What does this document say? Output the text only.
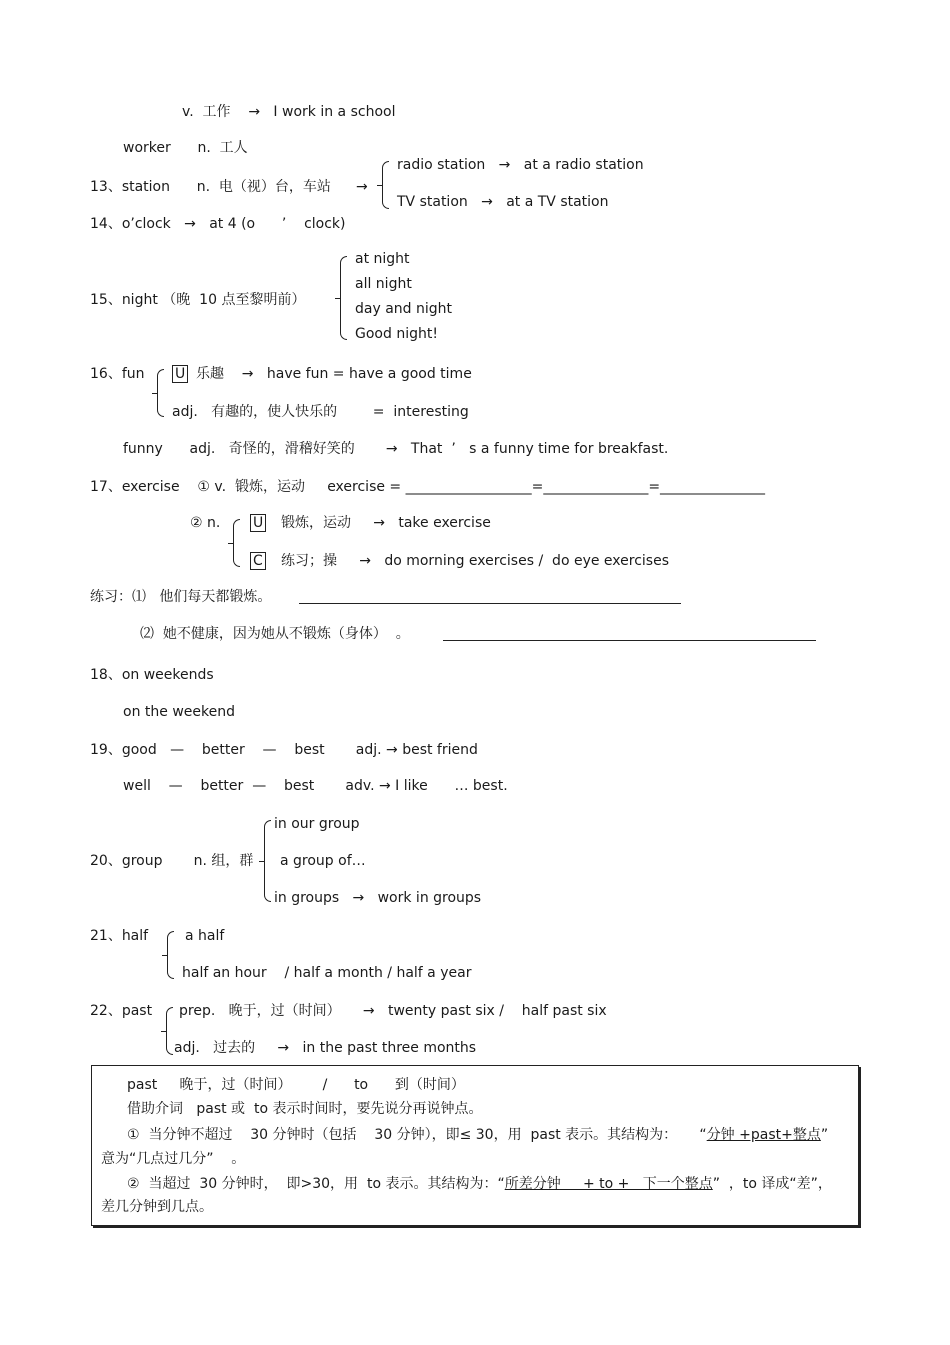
v.  工作    →   I work in a school
worker      n.  工人
13、station      n.  电（视）台，车站 →
radio station   →   at a radio station
TV station   →   at a TV station
14、o’clock   →   at 4 (o      ’    clock)
15、night （晚  10 点至黎明前）
at night
all night
day and night
Good night!
16、fun U 乐趣    →   have fun = have a good time
adj.   有趣的，使人快乐的        =  interesting
funny      adj.   奇怪的，滑稽好笑的       →   That  ’   s a funny time for breakfast.
17、exercise    ① v.  锻炼，运动     exercise = __________________=_______________=_______________
② n. U 锻炼，运动     →   take exercise
C 练习；操     →   do morning exercises /  do eye exercises
练习：⑴   他们每天都锻炼。
⑵  她不健康，因为她从不锻炼（身体）  。
18、on weekends
on the weekend
19、good   —    better    —    best       adj. → best friend
well    —    better  —    best       adv. → I like      … best.
20、group       n. 组，群
in our group
a group of…
in groups   →   work in groups
21、half	a half
half an hour    / half a month / half a year
22、past prep.   晚于，过（时间）     →   twenty past six /    half past six
adj.   过去的     →   in the past three months
past     晚于，过（时间）       /      to      到（时间）
借助介词   past 或  to 表示时间时，要先说分再说钟点。
①  当分钟不超过    30 分钟时（包括    30 分钟），即≤ 30，用  past 表示。其结构为：     “分钟 +past+整点”
意为“几点过几分”    。
②  当超过  30 分钟时，  即>30，用  to 表示。其结构为：“所差分钟     + to +   下一个整点”  ，to 译成“差”，
差几分钟到几点。
